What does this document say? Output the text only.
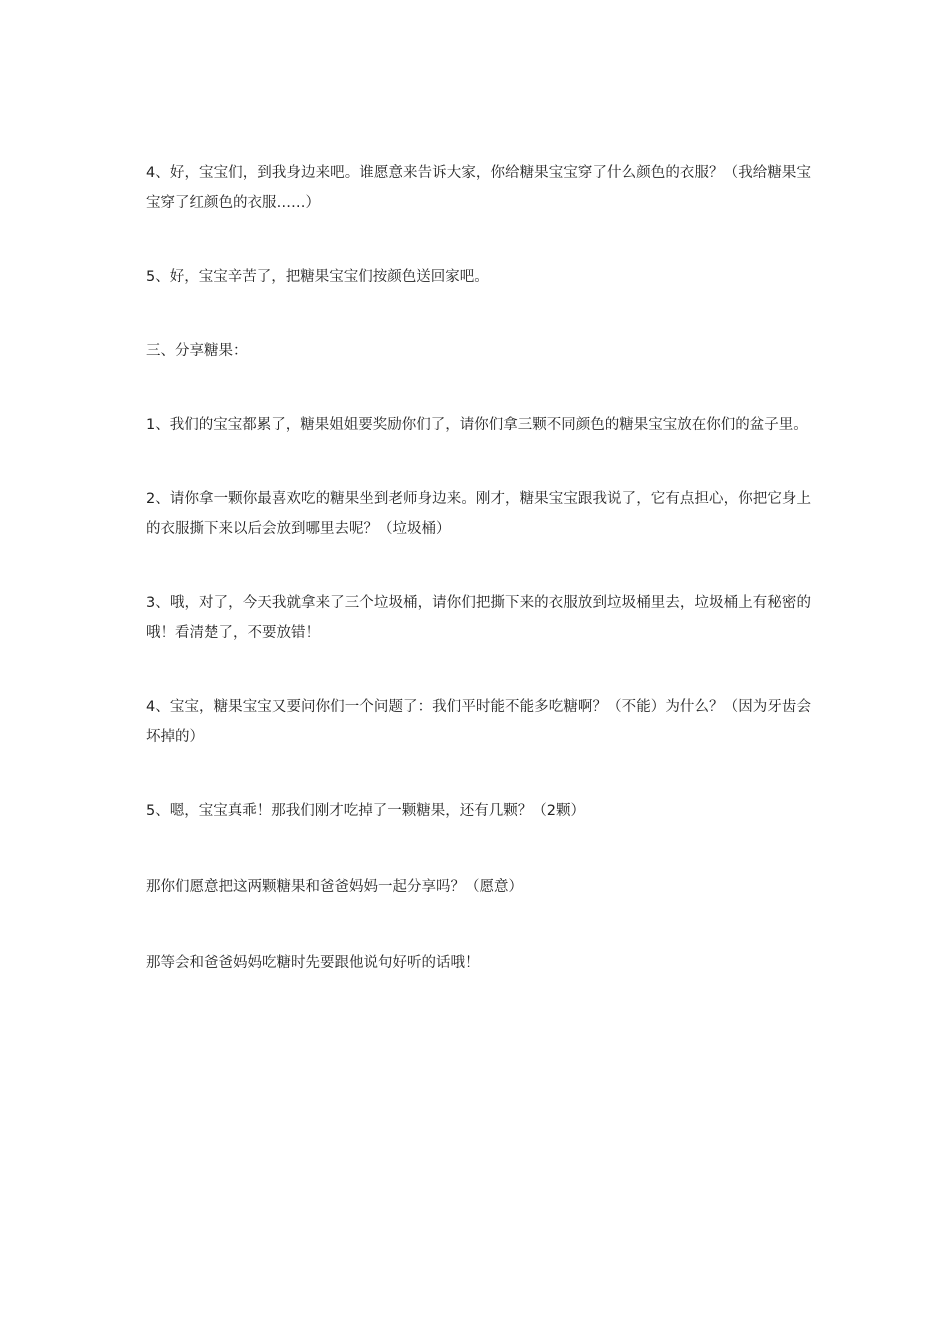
4、好，宝宝们，到我身边来吧。谁愿意来告诉大家，你给糖果宝宝穿了什么颜色的衣服？（我给糖果宝宝穿了红颜色的衣服……）

5、好，宝宝辛苦了，把糖果宝宝们按颜色送回家吧。

三、分享糖果：

1、我们的宝宝都累了，糖果姐姐要奖励你们了，请你们拿三颗不同颜色的糖果宝宝放在你们的盆子里。

2、请你拿一颗你最喜欢吃的糖果坐到老师身边来。刚才，糖果宝宝跟我说了，它有点担心，你把它身上的衣服撕下来以后会放到哪里去呢？（垃圾桶）

3、哦，对了，今天我就拿来了三个垃圾桶，请你们把撕下来的衣服放到垃圾桶里去，垃圾桶上有秘密的哦！看清楚了，不要放错！

4、宝宝，糖果宝宝又要问你们一个问题了：我们平时能不能多吃糖啊？（不能）为什么？（因为牙齿会坏掉的）

5、嗯，宝宝真乖！那我们刚才吃掉了一颗糖果，还有几颗？（2颗）

那你们愿意把这两颗糖果和爸爸妈妈一起分享吗？（愿意）

那等会和爸爸妈妈吃糖时先要跟他说句好听的话哦！
